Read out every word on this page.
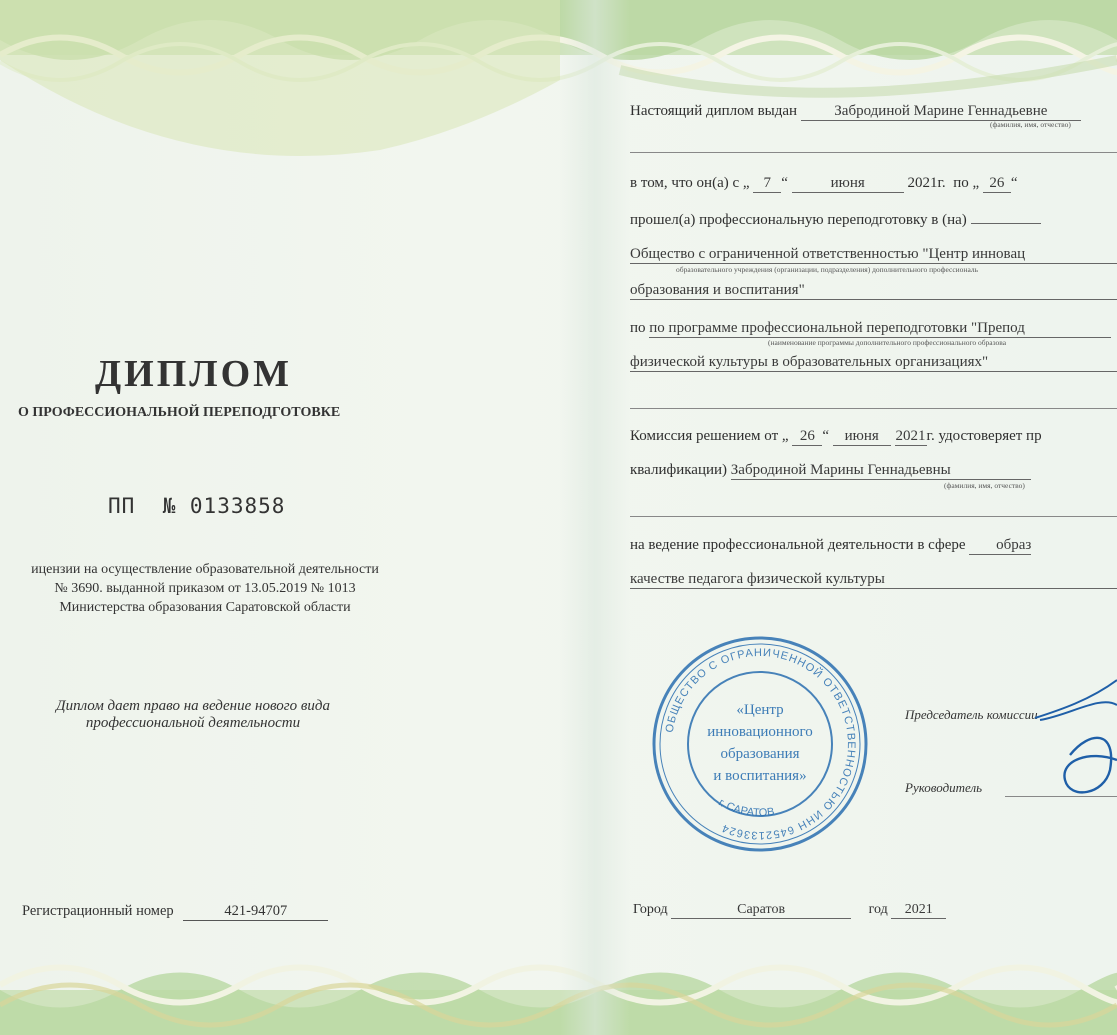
ДИПЛОМ
О ПРОФЕССИОНАЛЬНОЙ ПЕРЕПОДГОТОВКЕ
ПП № 0133858
ицензии на осуществление образовательной деятельности
№ 3690. выданной приказом от 13.05.2019 № 1013
Министерства образования Саратовской области
Диплом дает право на ведение нового вида
профессиональной деятельности
Регистрационный номер	421-94707
Настоящий диплом выдан Забродиной Марине Геннадьевне
(фамилия, имя, отчество)
в том, что он(а) с „ 7 “	июня	2021г. по „ 26 “
прошел(а) профессиональную переподготовку в (на)
Общество с ограниченной ответственностью "Центр инновац
образовательного учреждения (организации, подразделения) дополнительного профессиональ
образования и воспитания"
по по программе профессиональной переподготовки "Препод
(наименование программы дополнительного профессионального образова
физической культуры в образовательных организациях"
Комиссия решением от „ 26 “ июня 2021г. удостоверяет пр
квалификации) Забродиной Марины Геннадьевны
(фамилия, имя, отчество)
на ведение профессиональной деятельности в сфере образ
качестве педагога физической культуры
ОБЩЕСТВО С ОГРАНИЧЕННОЙ ОТВЕТСТВЕННОСТЬЮ ИНН 6452133624
г. САРАТОВ
«Центр
инновационного
образования
и воспитания»
Председатель комиссии
Руководитель
Город	Саратов	год 2021
